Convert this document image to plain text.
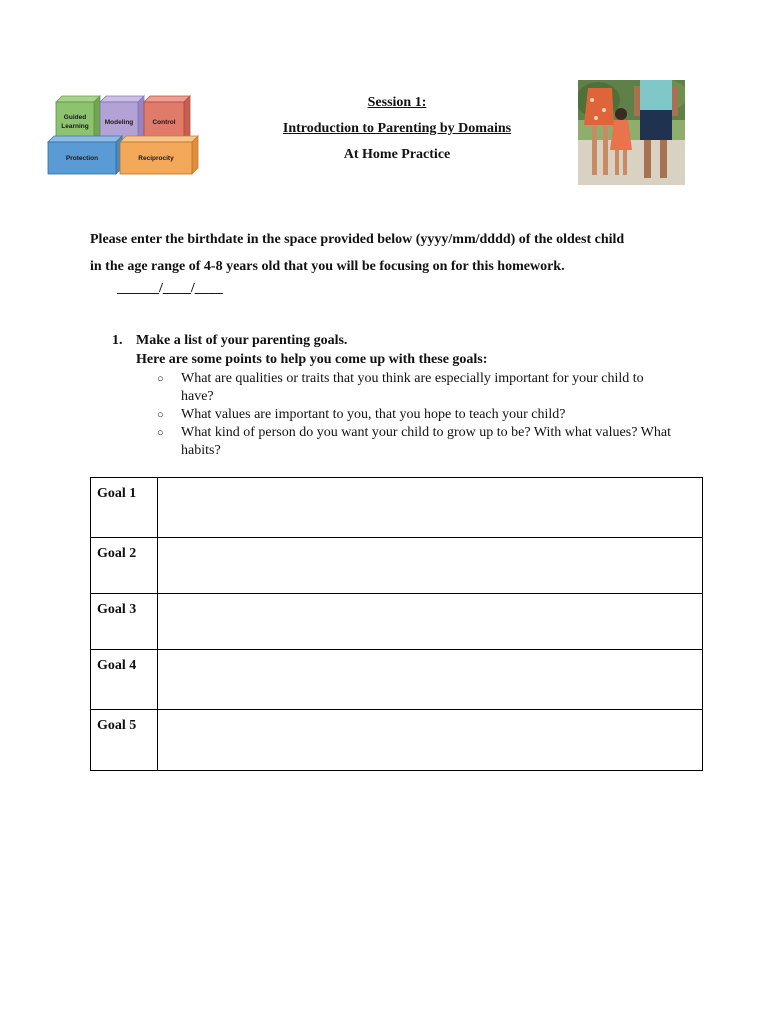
Guided
Learning
Modeling	Control
Protection	Reciprocity
Session 1:
Introduction to Parenting by Domains
At Home Practice
Please enter the birthdate in the space provided below (yyyy/mm/dddd) of the oldest child
in the age range of 4-8 years old that you will be focusing on for this homework.
______/____/____
1. Make a list of your parenting goals.
Here are some points to help you come up with these goals:
○ What are qualities or traits that you think are especially important for your child to have?
○ What values are important to you, that you hope to teach your child?
○ What kind of person do you want your child to grow up to be? With what values? What habits?
Goal 1	
Goal 2	
Goal 3	
Goal 4	
Goal 5	
